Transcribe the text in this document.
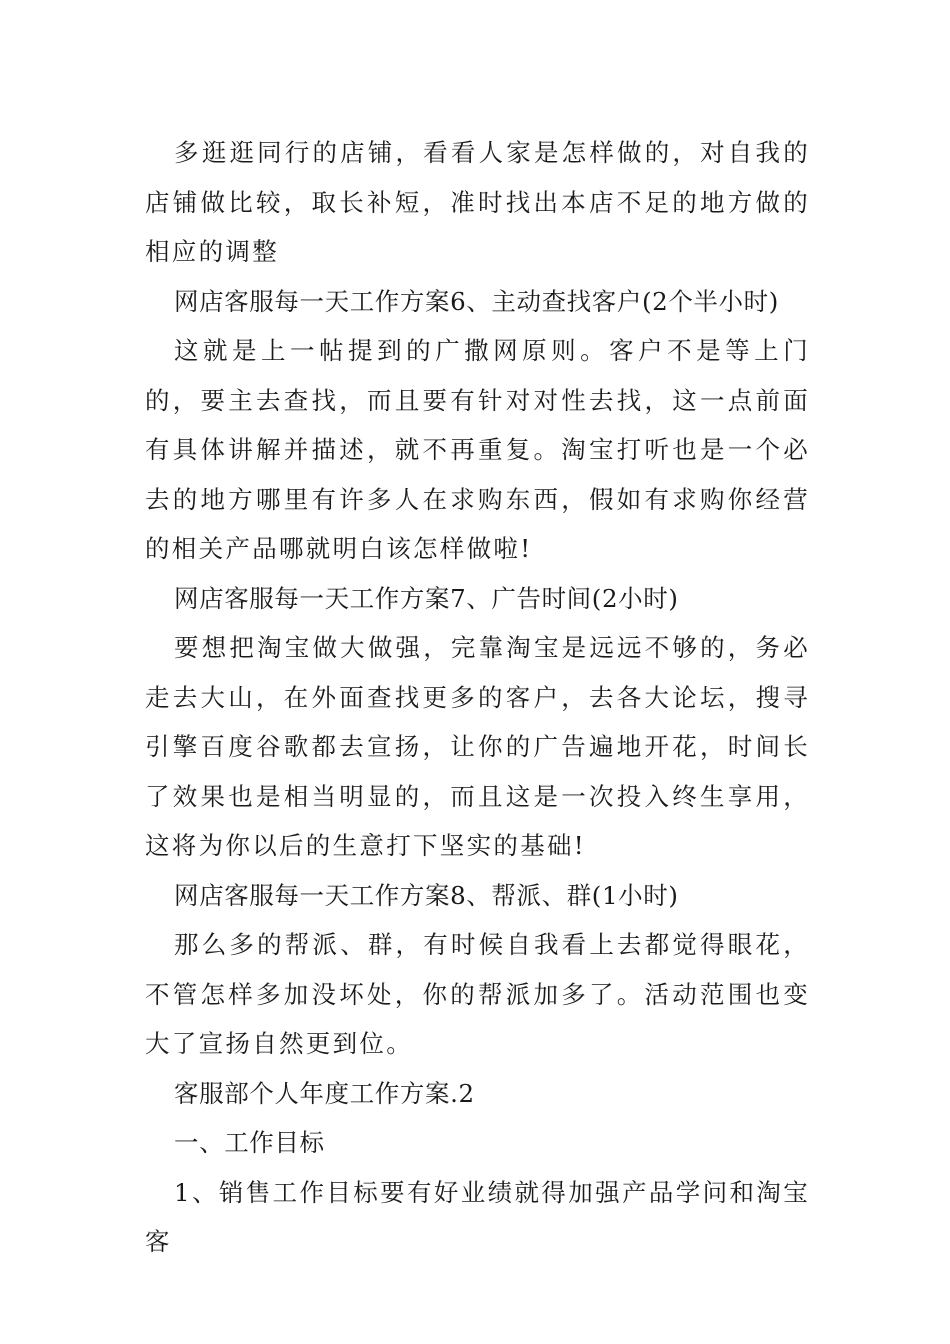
多逛逛同行的店铺，看看人家是怎样做的，对自我的店铺做比较，取长补短，准时找出本店不足的地方做的相应的调整

网店客服每一天工作方案6、主动查找客户(2个半小时)

这就是上一帖提到的广撒网原则。客户不是等上门的，要主去查找，而且要有针对对性去找，这一点前面有具体讲解并描述，就不再重复。淘宝打听也是一个必去的地方哪里有许多人在求购东西，假如有求购你经营的相关产品哪就明白该怎样做啦!

网店客服每一天工作方案7、广告时间(2小时)

要想把淘宝做大做强，完靠淘宝是远远不够的，务必走去大山，在外面查找更多的客户，去各大论坛，搜寻引擎百度谷歌都去宣扬，让你的广告遍地开花，时间长了效果也是相当明显的，而且这是一次投入终生享用，这将为你以后的生意打下坚实的基础!

网店客服每一天工作方案8、帮派、群(1小时)

那么多的帮派、群，有时候自我看上去都觉得眼花，不管怎样多加没坏处，你的帮派加多了。活动范围也变大了宣扬自然更到位。

客服部个人年度工作方案.2

一、工作目标

1、销售工作目标要有好业绩就得加强产品学问和淘宝客
